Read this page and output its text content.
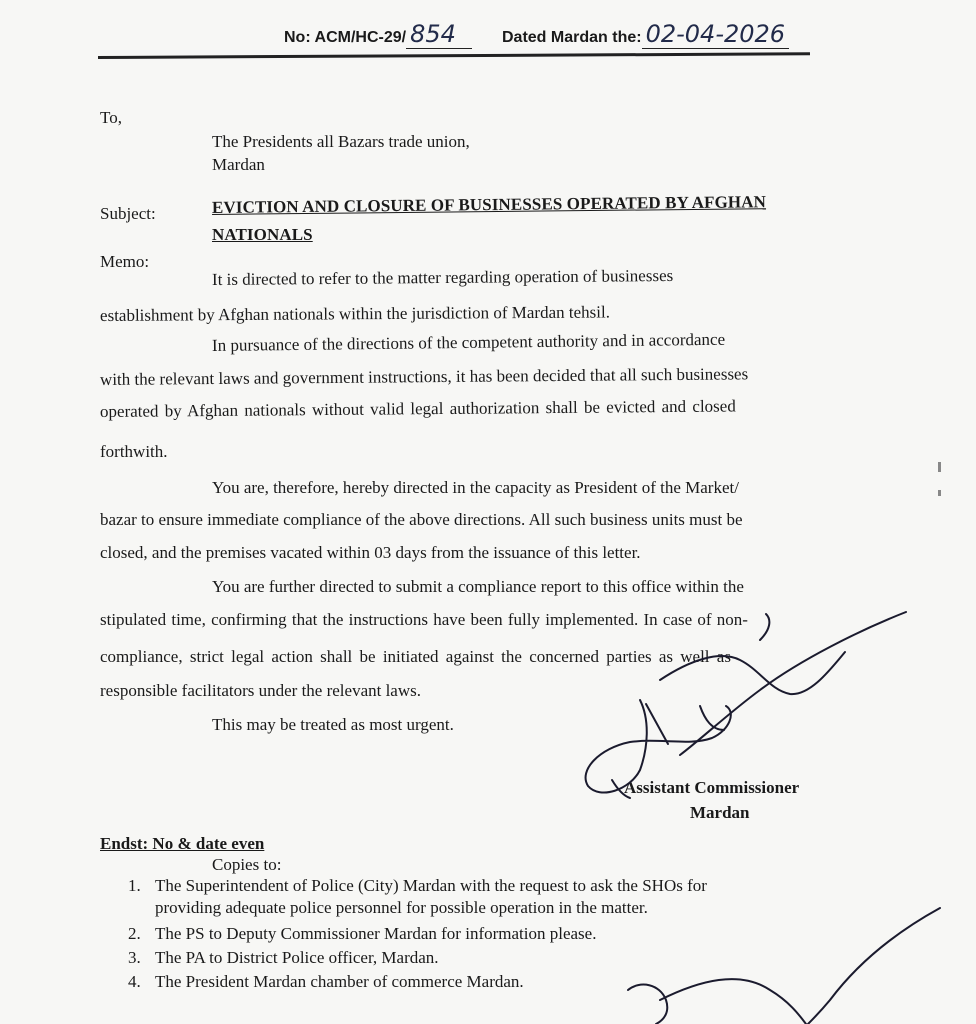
No: ACM/HC-29/ 854	Dated Mardan the: 02-04-2026
To,
The Presidents all Bazars trade union,
Mardan
Subject:	EVICTION AND CLOSURE OF BUSINESSES OPERATED BY AFGHAN
NATIONALS
Memo:
It is directed to refer to the matter regarding operation of businesses
establishment by Afghan nationals within the jurisdiction of Mardan tehsil.
In pursuance of the directions of the competent authority and in accordance
with the relevant laws and government instructions, it has been decided that all such businesses
operated by Afghan nationals without valid legal authorization shall be evicted and closed
forthwith.
You are, therefore, hereby directed in the capacity as President of the Market/
bazar to ensure immediate compliance of the above directions. All such business units must be
closed, and the premises vacated within 03 days from the issuance of this letter.
You are further directed to submit a compliance report to this office within the
stipulated time, confirming that the instructions have been fully implemented. In case of non-
compliance, strict legal action shall be initiated against the concerned parties as well as
responsible facilitators under the relevant laws.
This may be treated as most urgent.
Assistant Commissioner
Mardan
Endst: No & date even
Copies to:
1. The Superintendent of Police (City) Mardan with the request to ask the SHOs for
providing adequate police personnel for possible operation in the matter.
2. The PS to Deputy Commissioner Mardan for information please.
3. The PA to District Police officer, Mardan.
4. The President Mardan chamber of commerce Mardan.
